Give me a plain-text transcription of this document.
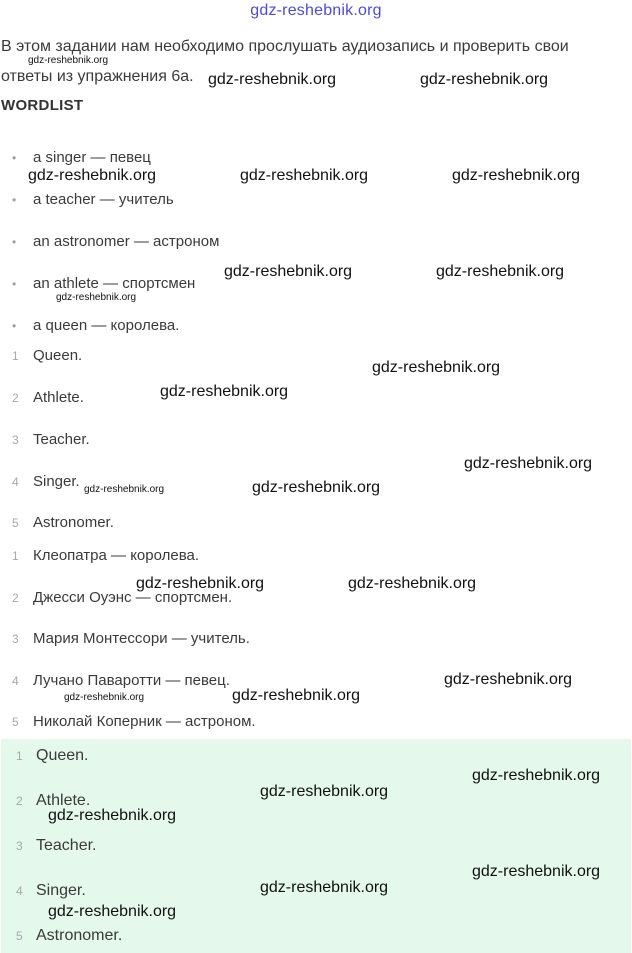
gdz-reshebnik.org
В этом задании нам необходимо прослушать аудиозапись и проверить свои ответы из упражнения 6а.
WORDLIST
• a singer — певец
• a teacher — учитель
• an astronomer — астроном
• an athlete — спортсмен
• a queen — королева.
1 Queen.
2 Athlete.
3 Teacher.
4 Singer.
5 Astronomer.
1 Клеопатра — королева.
2 Джесси Оуэнс — спортсмен.
3 Мария Монтессори — учитель.
4 Лучано Паваротти — певец.
5 Николай Коперник — астроном.
1 Queen.
2 Athlete.
3 Teacher.
4 Singer.
5 Astronomer.
gdz-reshebnik.org
gdz-reshebnik.org	gdz-reshebnik.org
gdz-reshebnik.org	gdz-reshebnik.org	gdz-reshebnik.org
gdz-reshebnik.org	gdz-reshebnik.org
gdz-reshebnik.org
gdz-reshebnik.org
gdz-reshebnik.org
gdz-reshebnik.org
gdz-reshebnik.org	gdz-reshebnik.org
gdz-reshebnik.org	gdz-reshebnik.org
gdz-reshebnik.org
gdz-reshebnik.org	gdz-reshebnik.org
gdz-reshebnik.org
gdz-reshebnik.org
gdz-reshebnik.org
gdz-reshebnik.org
gdz-reshebnik.org
gdz-reshebnik.org
